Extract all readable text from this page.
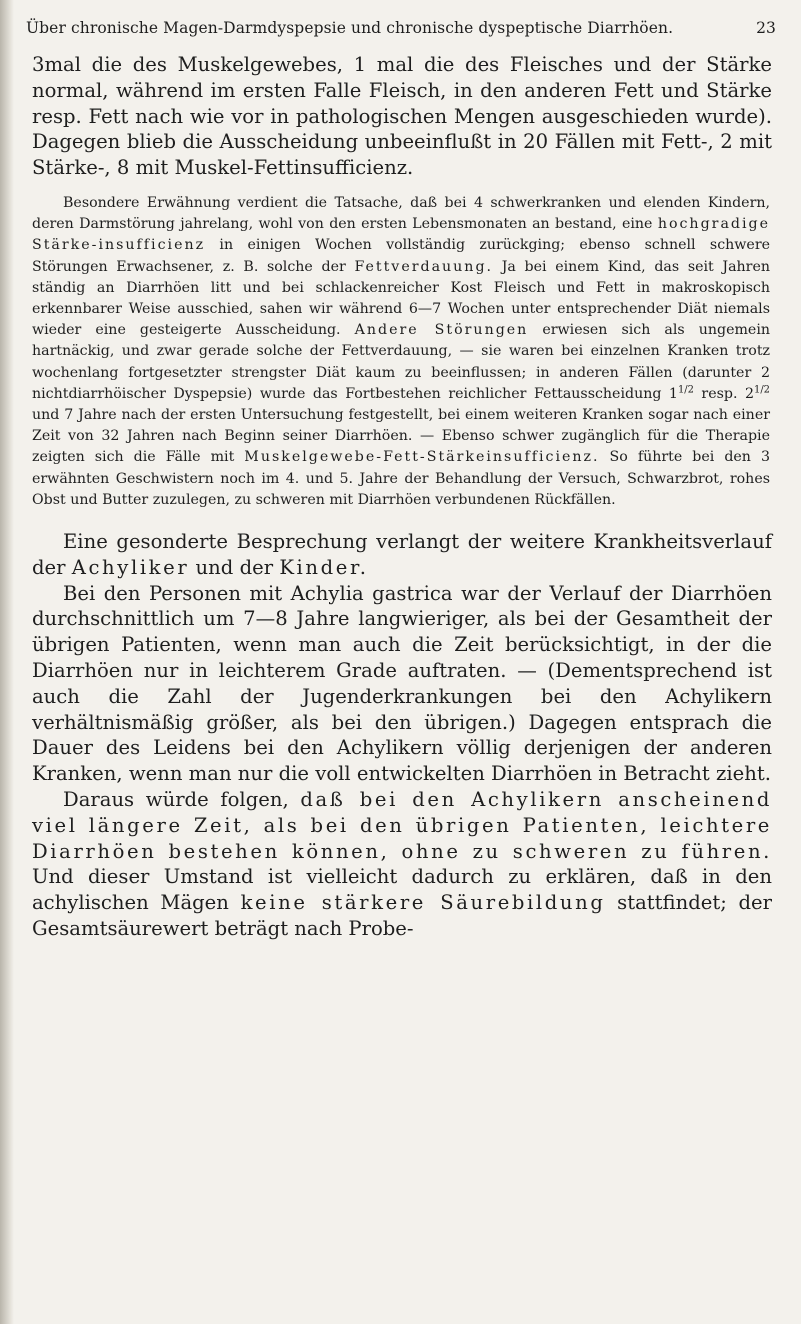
Über chronische Magen-Darmdyspepsie und chronische dyspeptische Diarrhöen.	23

3mal die des Muskelgewebes, 1 mal die des Fleisches und der Stärke normal, während im ersten Falle Fleisch, in den anderen Fett und Stärke resp. Fett nach wie vor in pathologischen Mengen ausgeschieden wurde). Dagegen blieb die Ausscheidung unbeeinflußt in 20 Fällen mit Fett-, 2 mit Stärke-, 8 mit Muskel-Fettinsufficienz.

Besondere Erwähnung verdient die Tatsache, daß bei 4 schwerkranken und elenden Kindern, deren Darmstörung jahrelang, wohl von den ersten Lebensmonaten an bestand, eine hochgradige Stärke-insufficienz in einigen Wochen vollständig zurückging; ebenso schnell schwere Störungen Erwachsener, z. B. solche der Fettverdauung. Ja bei einem Kind, das seit Jahren ständig an Diarrhöen litt und bei schlackenreicher Kost Fleisch und Fett in makroskopisch erkennbarer Weise ausschied, sahen wir während 6—7 Wochen unter entsprechender Diät niemals wieder eine gesteigerte Ausscheidung. Andere Störungen erwiesen sich als ungemein hartnäckig, und zwar gerade solche der Fettverdauung, — sie waren bei einzelnen Kranken trotz wochenlang fortgesetzter strengster Diät kaum zu beeinflussen; in anderen Fällen (darunter 2 nichtdiarrhöischer Dyspepsie) wurde das Fortbestehen reichlicher Fettausscheidung $1^{1/2}$ resp. $2^{1/2}$ und 7 Jahre nach der ersten Untersuchung festgestellt, bei einem weiteren Kranken sogar nach einer Zeit von 32 Jahren nach Beginn seiner Diarrhöen. — Ebenso schwer zugänglich für die Therapie zeigten sich die Fälle mit Muskelgewebe-Fett-Stärkeinsufficienz. So führte bei den 3 erwähnten Geschwistern noch im 4. und 5. Jahre der Behandlung der Versuch, Schwarzbrot, rohes Obst und Butter zuzulegen, zu schweren mit Diarrhöen verbundenen Rückfällen.

Eine gesonderte Besprechung verlangt der weitere Krankheitsverlauf der Achyliker und der Kinder.

Bei den Personen mit Achylia gastrica war der Verlauf der Diarrhöen durchschnittlich um 7—8 Jahre langwieriger, als bei der Gesamtheit der übrigen Patienten, wenn man auch die Zeit berücksichtigt, in der die Diarrhöen nur in leichterem Grade auftraten. — (Dementsprechend ist auch die Zahl der Jugenderkrankungen bei den Achylikern verhältnismäßig größer, als bei den übrigen.) Dagegen entsprach die Dauer des Leidens bei den Achylikern völlig derjenigen der anderen Kranken, wenn man nur die voll entwickelten Diarrhöen in Betracht zieht.

Daraus würde folgen, daß bei den Achylikern anscheinend viel längere Zeit, als bei den übrigen Patienten, leichtere Diarrhöen bestehen können, ohne zu schweren zu führen. Und dieser Umstand ist vielleicht dadurch zu erklären, daß in den achylischen Mägen keine stärkere Säurebildung stattfindet; der Gesamtsäurewert beträgt nach Probe-
